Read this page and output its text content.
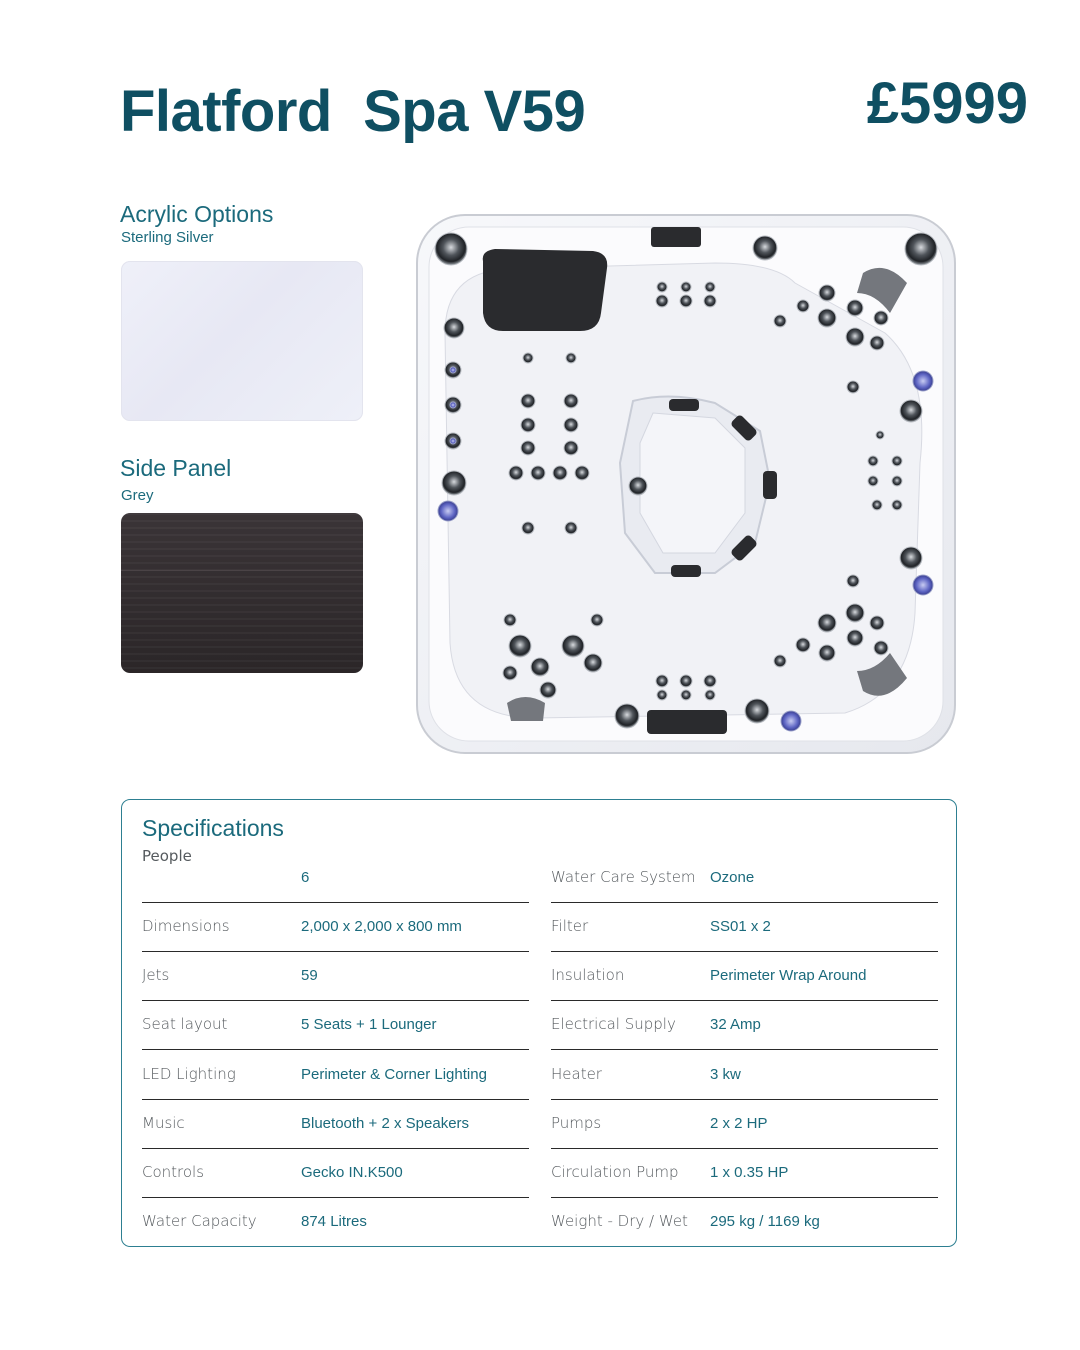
Flatford  Spa V59	£5999
Acrylic Options
Sterling Silver
Side Panel
Grey
Specifications
People
6
Dimensions	2,000 x 2,000 x 800 mm
Jets	59
Seat layout	5 Seats + 1 Lounger
LED Lighting	Perimeter & Corner Lighting
Music	Bluetooth + 2 x Speakers
Controls	Gecko IN.K500
Water Capacity	874 Litres
Water Care System Ozone
Filter	SS01 x 2
Insulation	Perimeter Wrap Around
Electrical Supply 32 Amp
Heater	3 kw
Pumps	2 x 2 HP
Circulation Pump 1 x 0.35 HP
Weight - Dry / Wet 295 kg / 1169 kg
